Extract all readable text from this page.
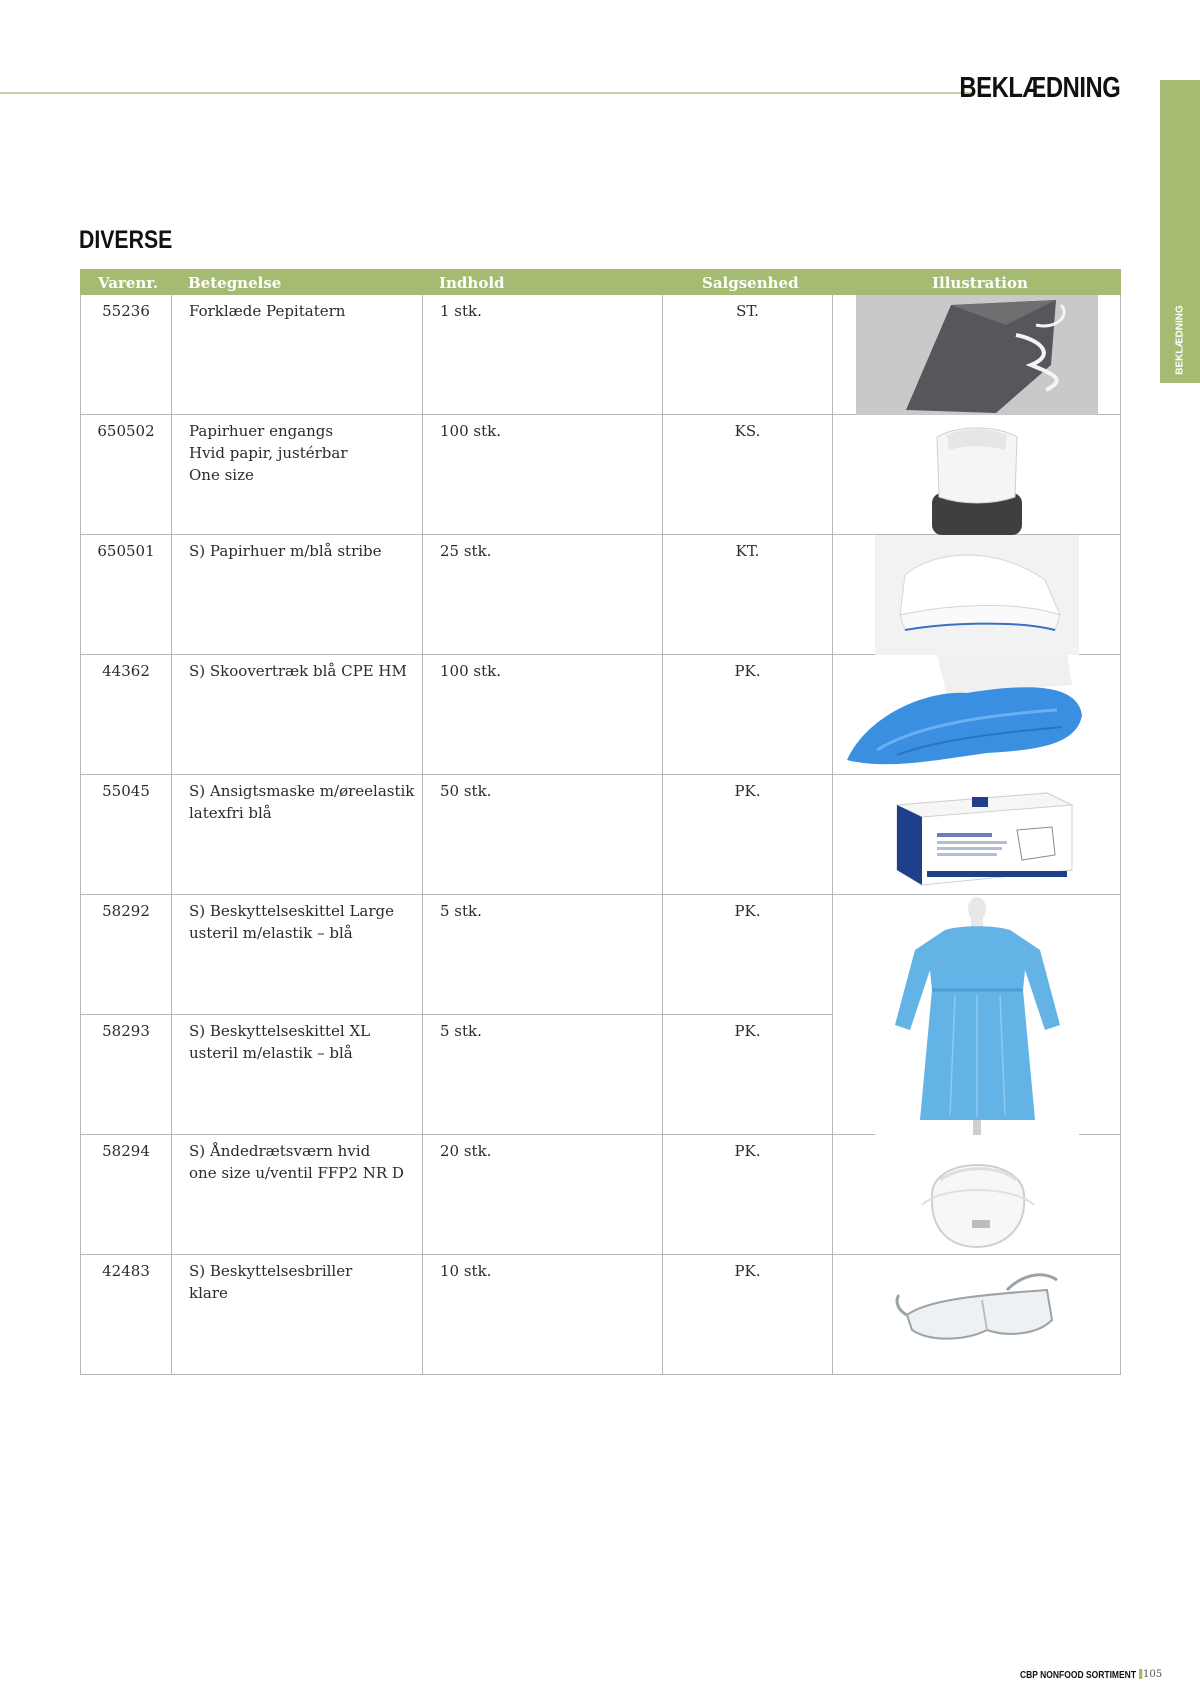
BEKLÆDNING
BEKLÆDNING
DIVERSE
Varenr.	Betegnelse	Indhold	Salgsenhed	Illustration
55236	Forklæde Pepitatern	1 stk.	ST.
650502	Papirhuer engangs
Hvid papir, justérbar
One size
100 stk.	KS.
650501	S) Papirhuer m/blå stribe	25 stk.	KT.
44362	S) Skoovertræk blå CPE HM	100 stk.	PK.
55045	S) Ansigtsmaske m/øreelastik
latexfri blå
50 stk.	PK.
58292	S) Beskyttelseskittel Large
usteril m/elastik – blå
5 stk.	PK.
58293	S) Beskyttelseskittel XL
usteril m/elastik – blå
5 stk.	PK.
58294	S) Åndedrætsværn hvid
one size u/ventil FFP2 NR D
20 stk.	PK.
42483	S) Beskyttelsesbriller
klare
10 stk.	PK.
CBP NONFOOD SORTIMENT 105
